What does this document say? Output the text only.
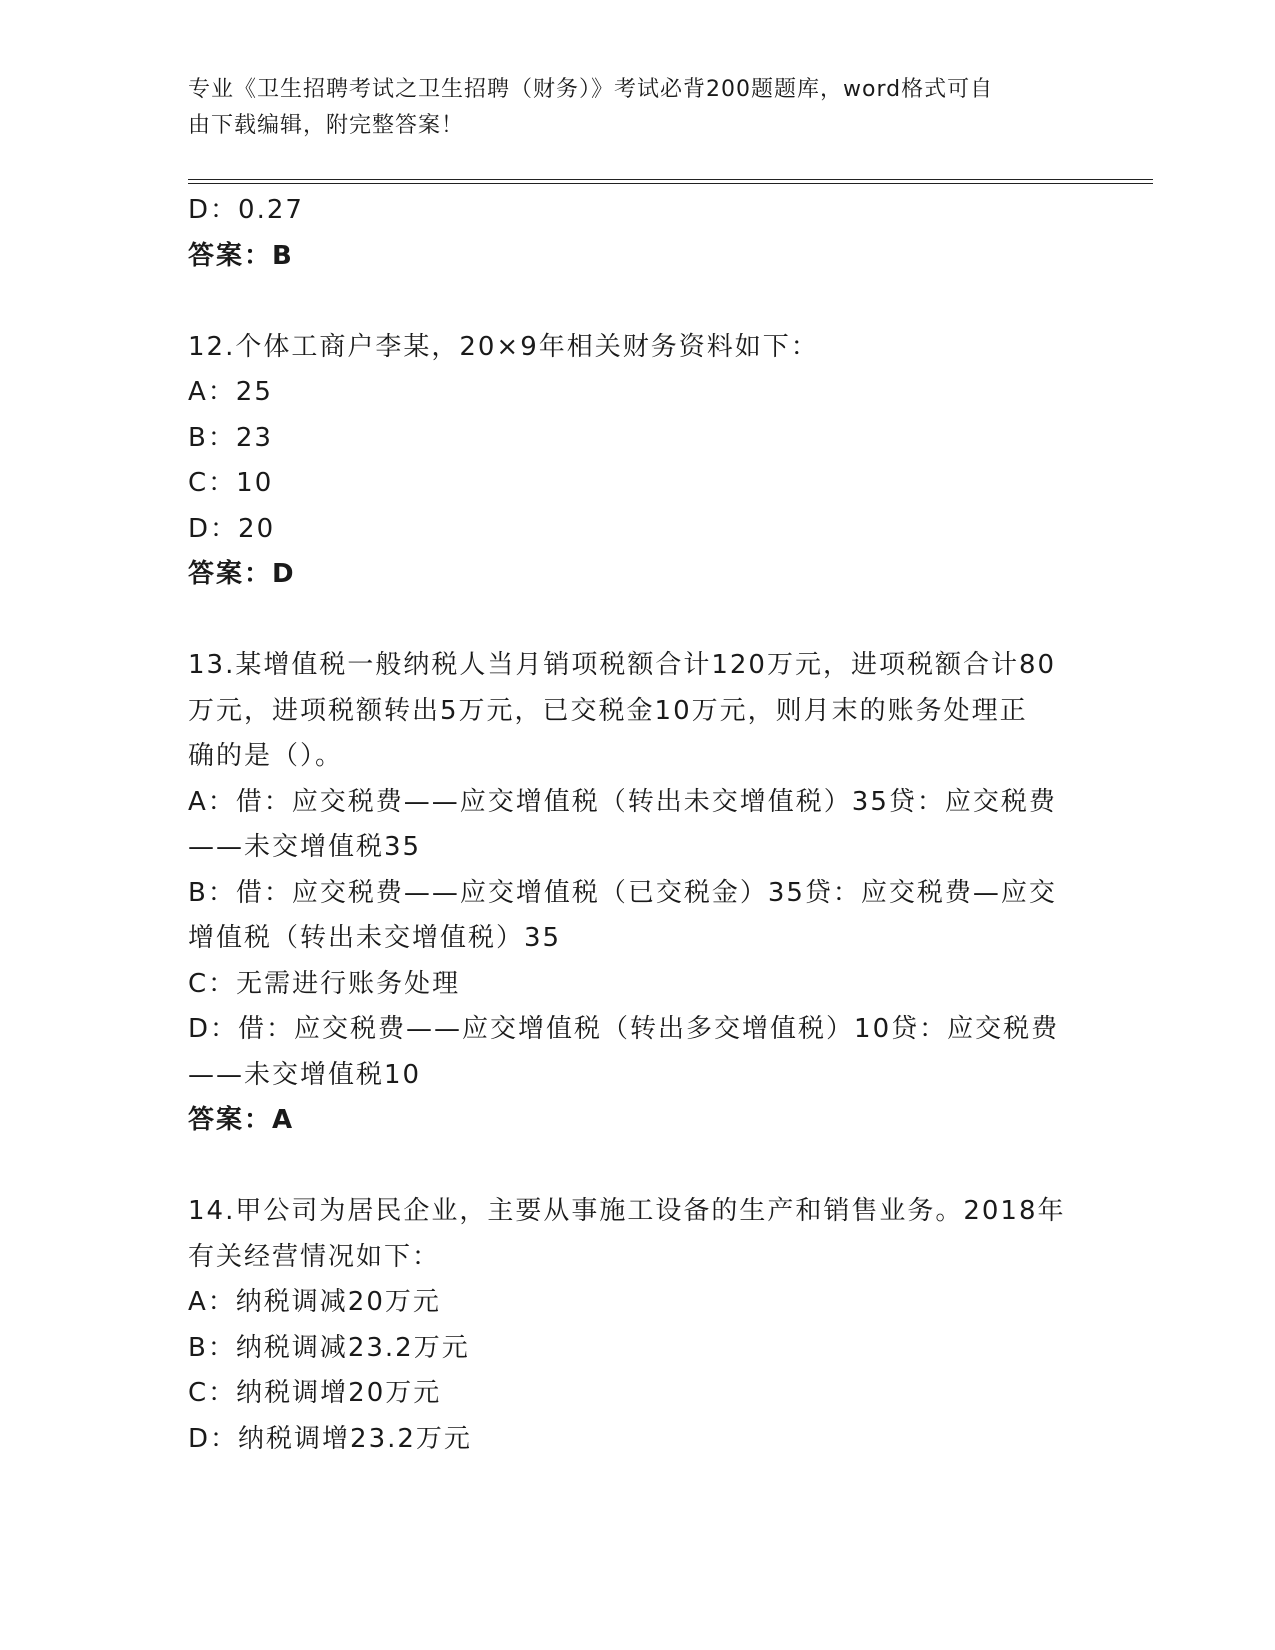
专业《卫生招聘考试之卫生招聘（财务）》考试必背200题题库，word格式可自
由下载编辑，附完整答案！
D：0.27
答案：B
12.个体工商户李某，20×9年相关财务资料如下：
A：25
B：23
C：10
D：20
答案：D
13.某增值税一般纳税人当月销项税额合计120万元，进项税额合计80
万元，进项税额转出5万元，已交税金10万元，则月末的账务处理正
确的是（）。
A：借：应交税费——应交增值税（转出未交增值税）35贷：应交税费
——未交增值税35
B：借：应交税费——应交增值税（已交税金）35贷：应交税费—应交
增值税（转出未交增值税）35
C：无需进行账务处理
D：借：应交税费——应交增值税（转出多交增值税）10贷：应交税费
——未交增值税10
答案：A
14.甲公司为居民企业，主要从事施工设备的生产和销售业务。2018年
有关经营情况如下：
A：纳税调减20万元
B：纳税调减23.2万元
C：纳税调增20万元
D：纳税调增23.2万元
